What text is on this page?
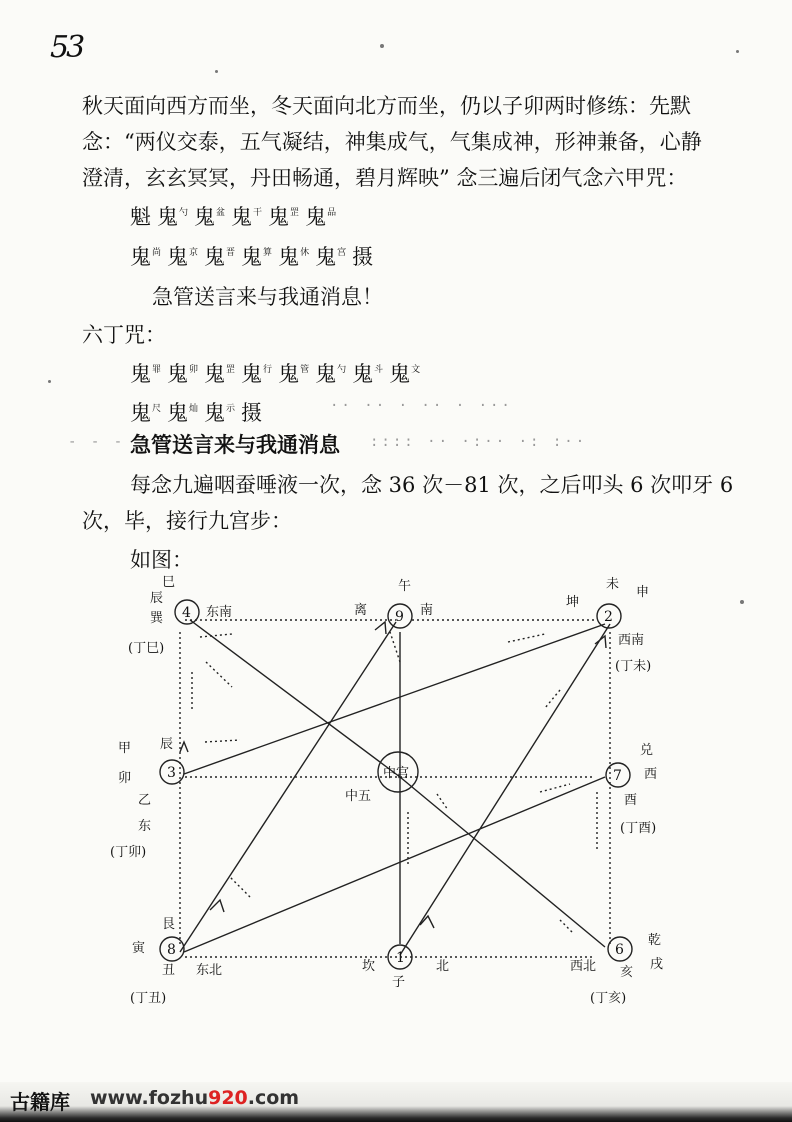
53
秋天面向西方而坐，冬天面向北方而坐，仍以子卯两时修练：先默
念：“两仪交泰，五气凝结，神集成气，气集成神，形神兼备，心静
澄清，玄玄冥冥，丹田畅通，碧月辉映” 念三遍后闭气念六甲咒：
魁 鬼$^勺$ 鬼$^盆$ 鬼$^干$ 鬼$^罡$ 鬼$^品$
鬼$^尚$ 鬼$^京$ 鬼$^晋$ 鬼$^算$ 鬼$^休$ 鬼$^宫$ 摄
急管送言来与我通消息！
六丁咒：
鬼$^罪$ 鬼$^卯$ 鬼$^罡$ 鬼$^行$ 鬼$^管$ 鬼$^勺$ 鬼$^斗$ 鬼$^文$
鬼$^尺$ 鬼$^灿$ 鬼$^示$ 摄
急管送言来与我通消息
- - -	:::: ·· ·:·· ·: :··
·· ·· · ·· · ···
每念九遍咽蚕唾液一次，念 36 次－81 次，之后叩头 6 次叩牙 6
次，毕，接行九宫步：
如图：
4 东南
辰
巳
巽
(丁巳)
9 南
离
午
2
西南
坤
未
申
(丁未)
3
卯
甲 辰
乙
东
(丁卯)
中宫
中五
7
兑
西
酉
(丁酉)
8
艮
寅
丑 东北
(丁丑)
1
坎	北
子
6
乾
戌
亥
西北
(丁亥)
古籍库 www.fozhu920.com
